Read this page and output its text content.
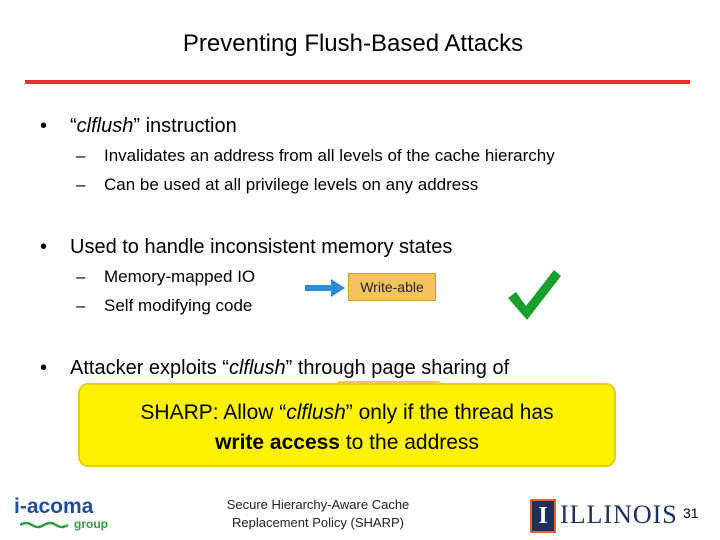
Preventing Flush-Based Attacks
• “clflush” instruction
– Invalidates an address from all levels of the cache hierarchy
– Can be used at all privilege levels on any address
• Used to handle inconsistent memory states
– Memory-mapped IO
– Self modifying code
Write-able
• Attacker exploits “clflush” through page sharing of
SHARP: Allow “clflush” only if the thread has
write access to the address
i-acoma
group
Secure Hierarchy-Aware Cache
Replacement Policy (SHARP)	I ILLINOIS 31
